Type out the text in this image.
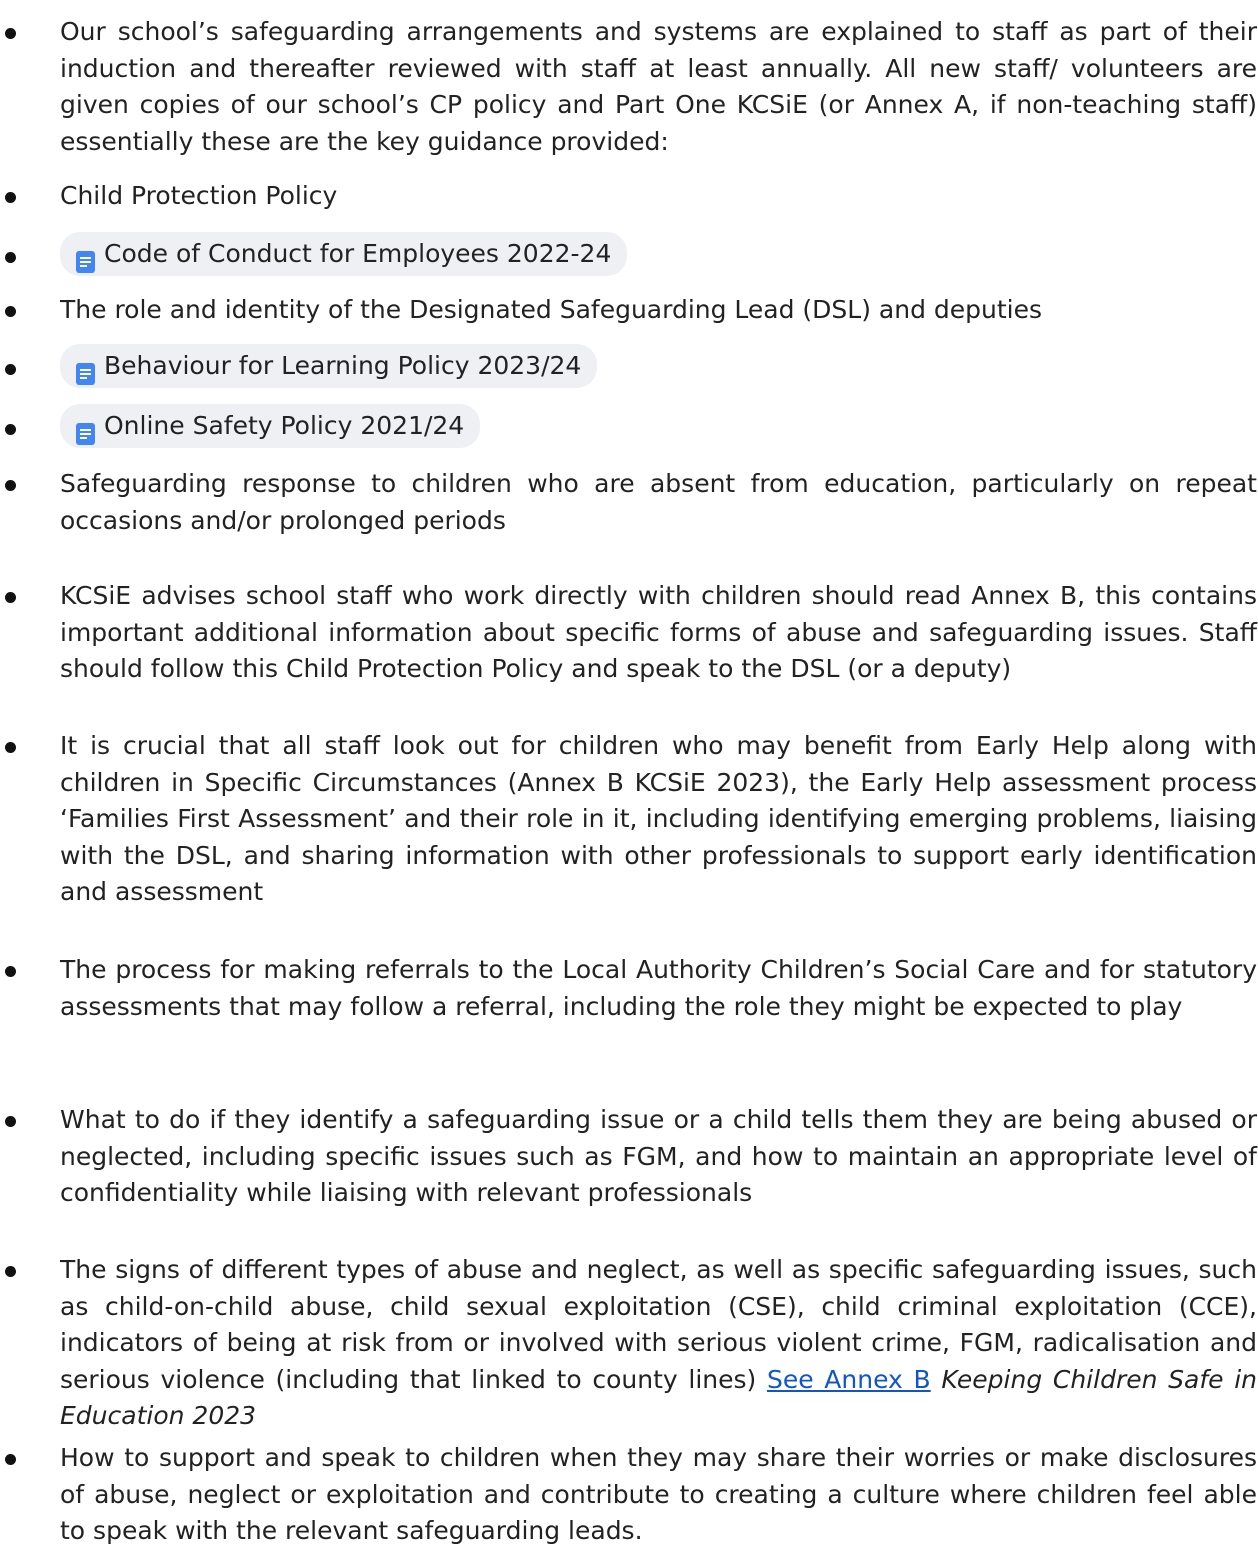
Our school’s safeguarding arrangements and systems are explained to staff as part of their induction and thereafter reviewed with staff at least annually. All new staff/ volunteers are given copies of our school’s CP policy and Part One KCSiE (or Annex A, if non-teaching staff) essentially these are the key guidance provided:
Child Protection Policy
Code of Conduct for Employees 2022-24
The role and identity of the Designated Safeguarding Lead (DSL) and deputies
Behaviour for Learning Policy 2023/24
Online Safety Policy 2021/24
Safeguarding response to children who are absent from education, particularly on repeat occasions and/or prolonged periods
KCSiE advises school staff who work directly with children should read Annex B, this contains important additional information about specific forms of abuse and safeguarding issues. Staff should follow this Child Protection Policy and speak to the DSL (or a deputy)
It is crucial that all staff look out for children who may benefit from Early Help along with children in Specific Circumstances (Annex B KCSiE 2023), the Early Help assessment process ‘Families First Assessment’ and their role in it, including identifying emerging problems, liaising with the DSL, and sharing information with other professionals to support early identification and assessment
The process for making referrals to the Local Authority Children’s Social Care and for statutory assessments that may follow a referral, including the role they might be expected to play
What to do if they identify a safeguarding issue or a child tells them they are being abused or neglected, including specific issues such as FGM, and how to maintain an appropriate level of confidentiality while liaising with relevant professionals
The signs of different types of abuse and neglect, as well as specific safeguarding issues, such as child-on-child abuse, child sexual exploitation (CSE), child criminal exploitation (CCE), indicators of being at risk from or involved with serious violent crime, FGM, radicalisation and serious violence (including that linked to county lines) See Annex B Keeping Children Safe in Education 2023
How to support and speak to children when they may share their worries or make disclosures of abuse, neglect or exploitation and contribute to creating a culture where children feel able to speak with the relevant safeguarding leads.
